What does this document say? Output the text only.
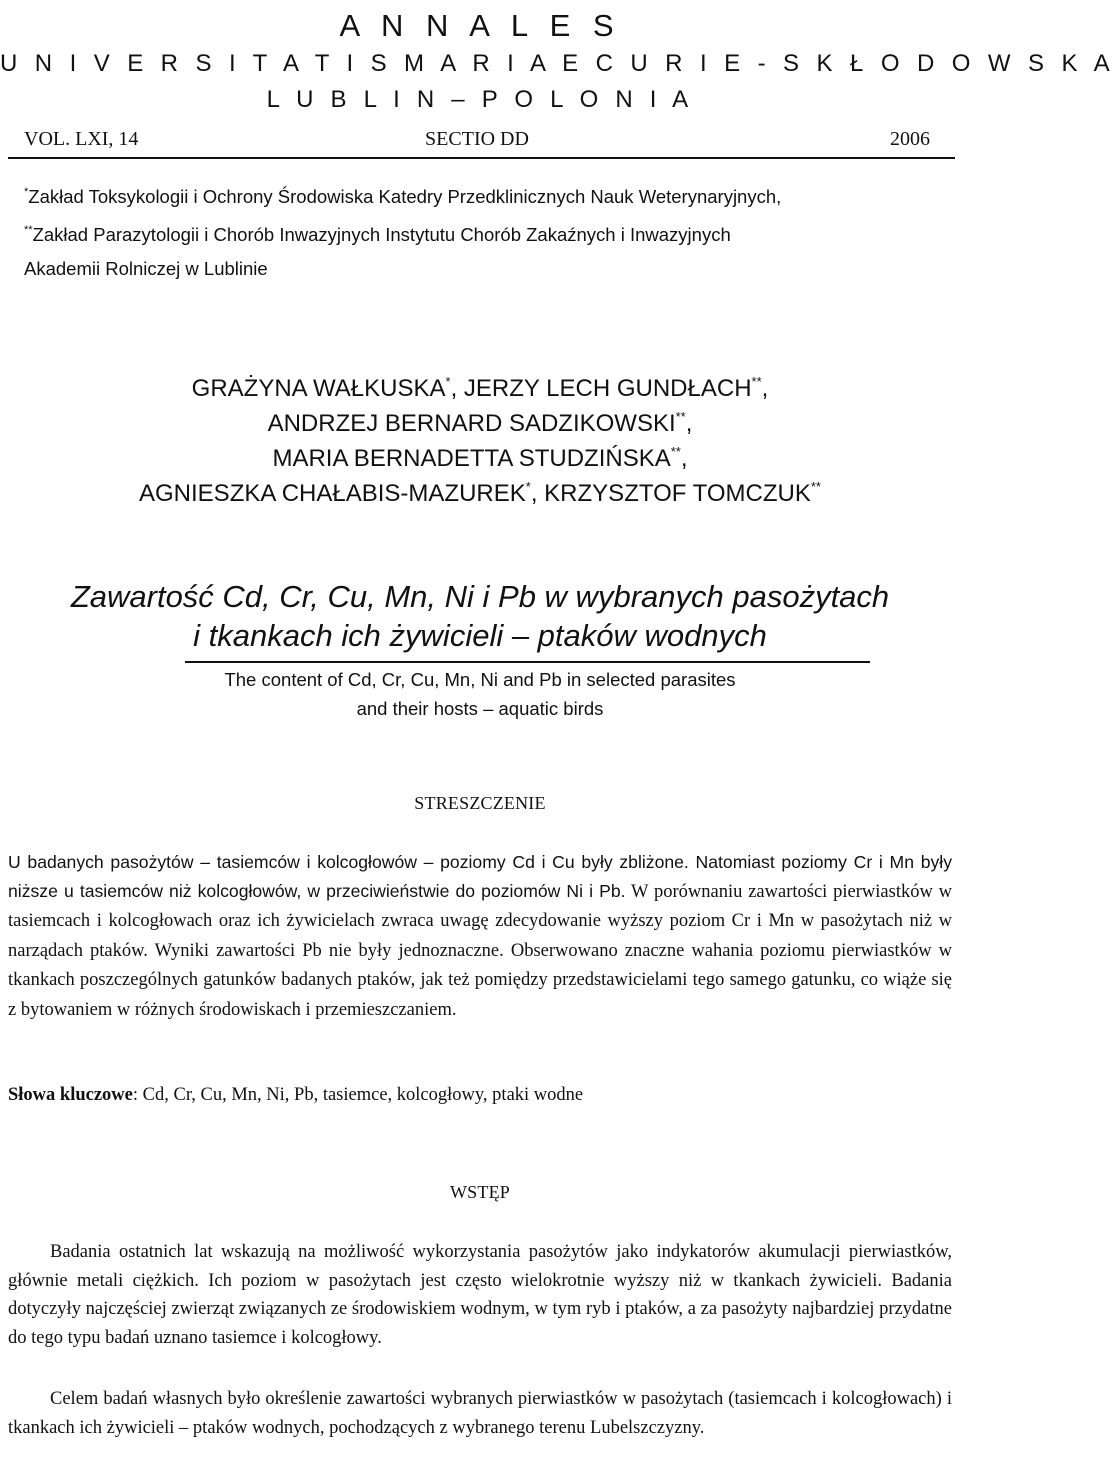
A N N A L E S
U N I V E R S I T A T I S M A R I A E C U R I E - S K Ł O D O W S K A
L U B L I N – P O L O N I A
VOL. LXI, 14	SECTIO DD	2006
*Zakład Toksykologii i Ochrony Środowiska Katedry Przedklinicznych Nauk Weterynaryjnych,
**Zakład Parazytologii i Chorób Inwazyjnych Instytutu Chorób Zakaźnych i Inwazyjnych
Akademii Rolniczej w Lublinie
GRAŻYNA WAŁKUSKA*, JERZY LECH GUNDŁACH**,
ANDRZEJ BERNARD SADZIKOWSKI**,
MARIA BERNADETTA STUDZIŃSKA**,
AGNIESZKA CHAŁABIS-MAZUREK*, KRZYSZTOF TOMCZUK**
Zawartość Cd, Cr, Cu, Mn, Ni i Pb w wybranych pasożytach
i tkankach ich żywicieli – ptaków wodnych
The content of Cd, Cr, Cu, Mn, Ni and Pb in selected parasites
and their hosts – aquatic birds
STRESZCZENIE

U badanych pasożytów – tasiemców i kolcogłowów – poziomy Cd i Cu były zbliżone. Natomiast poziomy Cr i Mn były niższe u tasiemców niż kolcogłowów, w przeciwieństwie do poziomów Ni i Pb. W porównaniu zawartości pierwiastków w tasiemcach i kolcogłowach oraz ich żywicielach zwraca uwagę zdecydowanie wyższy poziom Cr i Mn w pasożytach niż w narządach ptaków. Wyniki zawartości Pb nie były jednoznaczne. Obserwowano znaczne wahania poziomu pierwiastków w tkankach poszczególnych gatunków badanych ptaków, jak też pomiędzy przedstawicielami tego samego gatunku, co wiąże się z bytowaniem w różnych środowiskach i przemieszczaniem.

Słowa kluczowe: Cd, Cr, Cu, Mn, Ni, Pb, tasiemce, kolcogłowy, ptaki wodne
WSTĘP

Badania ostatnich lat wskazują na możliwość wykorzystania pasożytów jako indykatorów akumulacji pierwiastków, głównie metali ciężkich. Ich poziom w pasożytach jest często wielokrotnie wyższy niż w tkankach żywicieli. Badania dotyczyły najczęściej zwierząt związanych ze środowiskiem wodnym, w tym ryb i ptaków, a za pasożyty najbardziej przydatne do tego typu badań uznano tasiemce i kolcogłowy.

Celem badań własnych było określenie zawartości wybranych pierwiastków w pasożytach (tasiemcach i kolcogłowach) i tkankach ich żywicieli – ptaków wodnych, pochodzących z wybranego terenu Lubelszczyzny.
